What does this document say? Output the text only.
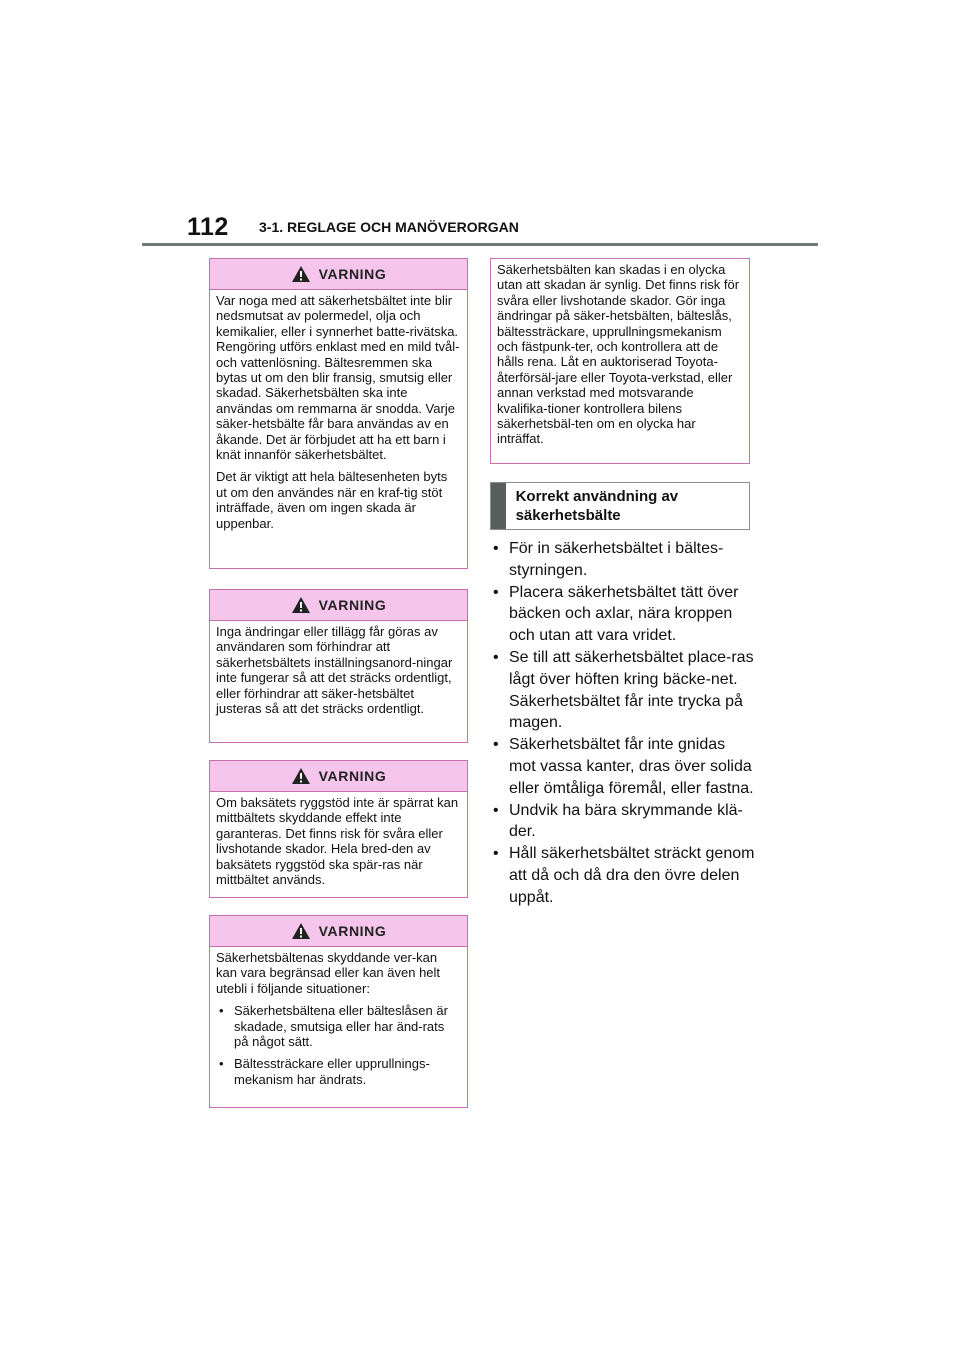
112 3-1. REGLAGE OCH MANÖVERORGAN
VARNING

Var noga med att säkerhetsbältet inte blir nedsmutsat av polermedel, olja och kemikalier, eller i synnerhet batte-rivätska. Rengöring utförs enklast med en mild tvål- och vattenlösning. Bältesremmen ska bytas ut om den blir fransig, smutsig eller skadad. Säkerhetsbälten ska inte användas om remmarna är snodda. Varje säker-hetsbälte får bara användas av en åkande. Det är förbjudet att ha ett barn i knät innanför säkerhetsbältet.

Det är viktigt att hela bältesenheten byts ut om den användes när en kraf-tig stöt inträffade, även om ingen skada är uppenbar.

VARNING

Inga ändringar eller tillägg får göras av användaren som förhindrar att säkerhetsbältets inställningsanord-ningar inte fungerar så att det sträcks ordentligt, eller förhindrar att säker-hetsbältet justeras så att det sträcks ordentligt.

VARNING

Om baksätets ryggstöd inte är spärrat kan mittbältets skyddande effekt inte garanteras. Det finns risk för svåra eller livshotande skador. Hela bred-den av baksätets ryggstöd ska spär-ras när mittbältet används.

VARNING

Säkerhetsbältenas skyddande ver-kan kan vara begränsad eller kan även helt utebli i följande situationer:

• Säkerhetsbältena eller bälteslåsen är skadade, smutsiga eller har änd-rats på något sätt.
• Bältessträckare eller upprullnings-mekanism har ändrats.
Säkerhetsbälten kan skadas i en olycka utan att skadan är synlig. Det finns risk för svåra eller livshotande skador. Gör inga ändringar på säker-hetsbälten, bälteslås, bältessträckare, upprullningsmekanism och fästpunk-ter, och kontrollera att de hålls rena. Låt en auktoriserad Toyota-återförsäl-jare eller Toyota-verkstad, eller annan verkstad med motsvarande kvalifika-tioner kontrollera bilens säkerhetsbäl-ten om en olycka har inträffat.
Korrekt användning av säkerhetsbälte
• För in säkerhetsbältet i bältes-styrningen.
• Placera säkerhetsbältet tätt över bäcken och axlar, nära kroppen och utan att vara vridet.
• Se till att säkerhetsbältet place-ras lågt över höften kring bäcke-net. Säkerhetsbältet får inte trycka på magen.
• Säkerhetsbältet får inte gnidas mot vassa kanter, dras över solida eller ömtåliga föremål, eller fastna.
• Undvik ha bära skrymmande klä-der.
• Håll säkerhetsbältet sträckt genom att då och då dra den övre delen uppåt.
